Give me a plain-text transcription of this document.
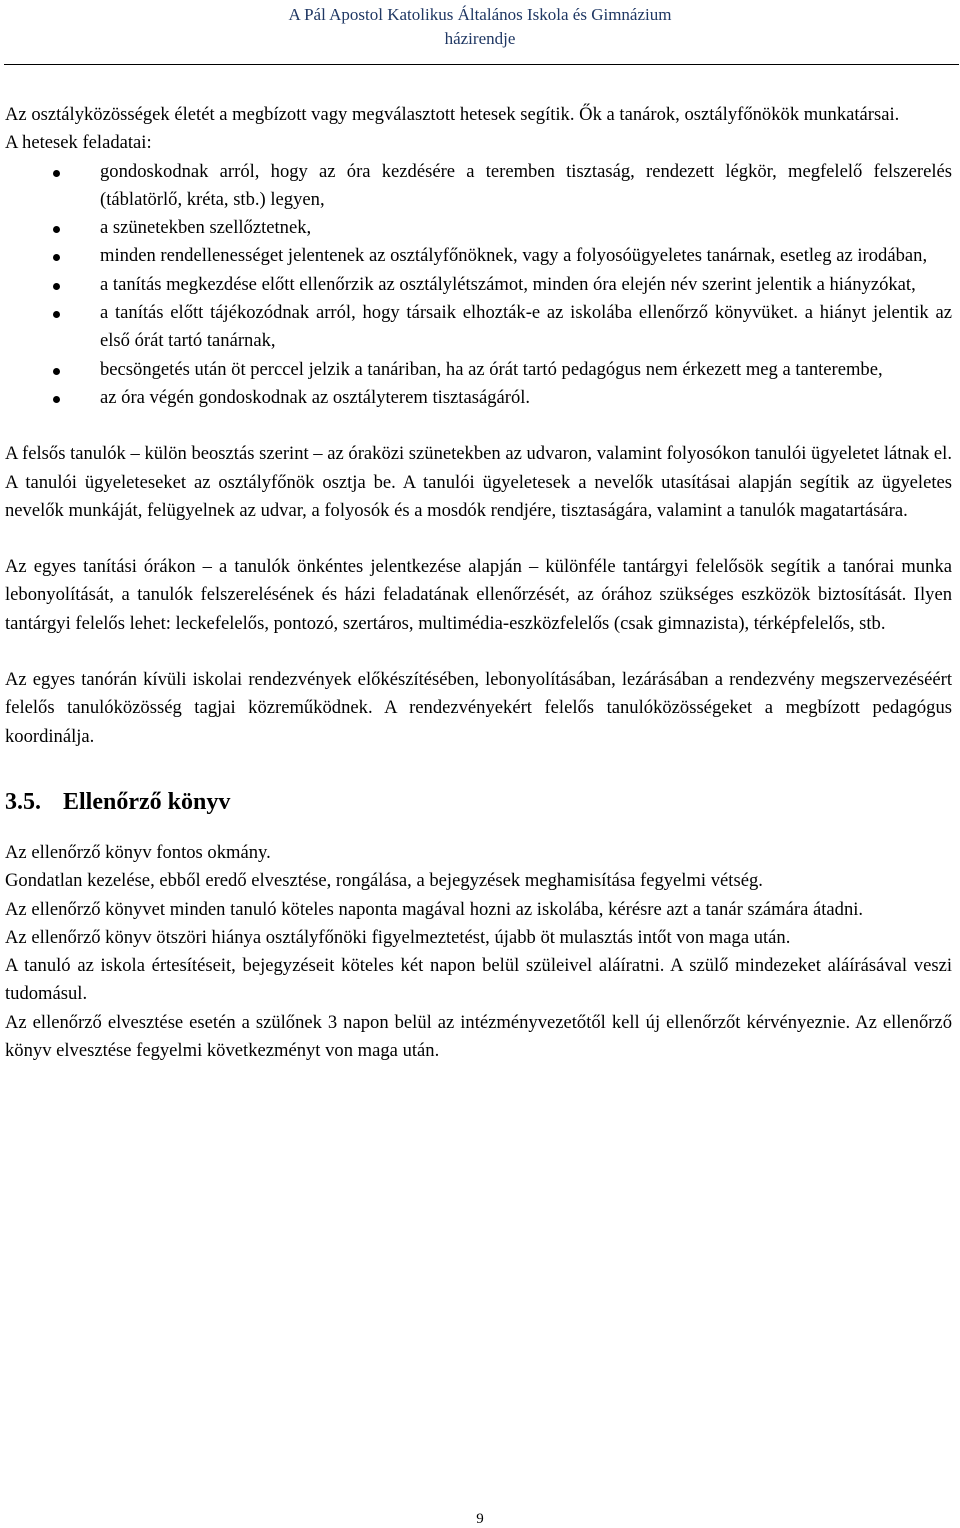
A Pál Apostol Katolikus Általános Iskola és Gimnázium
házirendje

Az osztályközösségek életét a megbízott vagy megválasztott hetesek segítik. Ők a tanárok, osztályfőnökök munkatársai.

A hetesek feladatai:

gondoskodnak arról, hogy az óra kezdésére a teremben tisztaság, rendezett légkör, megfelelő felszerelés (táblatörlő, kréta, stb.) legyen,
a szünetekben szellőztetnek,
minden rendellenességet jelentenek az osztályfőnöknek, vagy a folyosóügyeletes tanárnak, esetleg az irodában,
a tanítás megkezdése előtt ellenőrzik az osztálylétszámot, minden óra elején név szerint jelentik a hiányzókat,
a tanítás előtt tájékozódnak arról, hogy társaik elhozták-e az iskolába ellenőrző könyvüket. a hiányt jelentik az első órát tartó tanárnak,
becsöngetés után öt perccel jelzik a tanáriban, ha az órát tartó pedagógus nem érkezett meg a tanterembe,
az óra végén gondoskodnak az osztályterem tisztaságáról.

A felsős tanulók – külön beosztás szerint – az óraközi szünetekben az udvaron, valamint folyosókon tanulói ügyeletet látnak el. A tanulói ügyeleteseket az osztályfőnök osztja be. A tanulói ügyeletesek a nevelők utasításai alapján segítik az ügyeletes nevelők munkáját, felügyelnek az udvar, a folyosók és a mosdók rendjére, tisztaságára, valamint a tanulók magatartására.

Az egyes tanítási órákon – a tanulók önkéntes jelentkezése alapján – különféle tantárgyi felelősök segítik a tanórai munka lebonyolítását, a tanulók felszerelésének és házi feladatának ellenőrzését, az órához szükséges eszközök biztosítását. Ilyen tantárgyi felelős lehet: leckefelelős, pontozó, szertáros, multimédia-eszközfelelős (csak gimnazista), térképfelelős, stb.

Az egyes tanórán kívüli iskolai rendezvények előkészítésében, lebonyolításában, lezárásában a rendezvény megszervezéséért felelős tanulóközösség tagjai közreműködnek. A rendezvényekért felelős tanulóközösségeket a megbízott pedagógus koordinálja.

3.5. Ellenőrző könyv

Az ellenőrző könyv fontos okmány.

Gondatlan kezelése, ebből eredő elvesztése, rongálása, a bejegyzések meghamisítása fegyelmi vétség.

Az ellenőrző könyvet minden tanuló köteles naponta magával hozni az iskolába, kérésre azt a tanár számára átadni.

Az ellenőrző könyv ötszöri hiánya osztályfőnöki figyelmeztetést, újabb öt mulasztás intőt von maga után.

A tanuló az iskola értesítéseit, bejegyzéseit köteles két napon belül szüleivel aláíratni. A szülő mindezeket aláírásával veszi tudomásul.

Az ellenőrző elvesztése esetén a szülőnek 3 napon belül az intézményvezetőtől kell új ellenőrzőt kérvényeznie. Az ellenőrző könyv elvesztése fegyelmi következményt von maga után.

9
